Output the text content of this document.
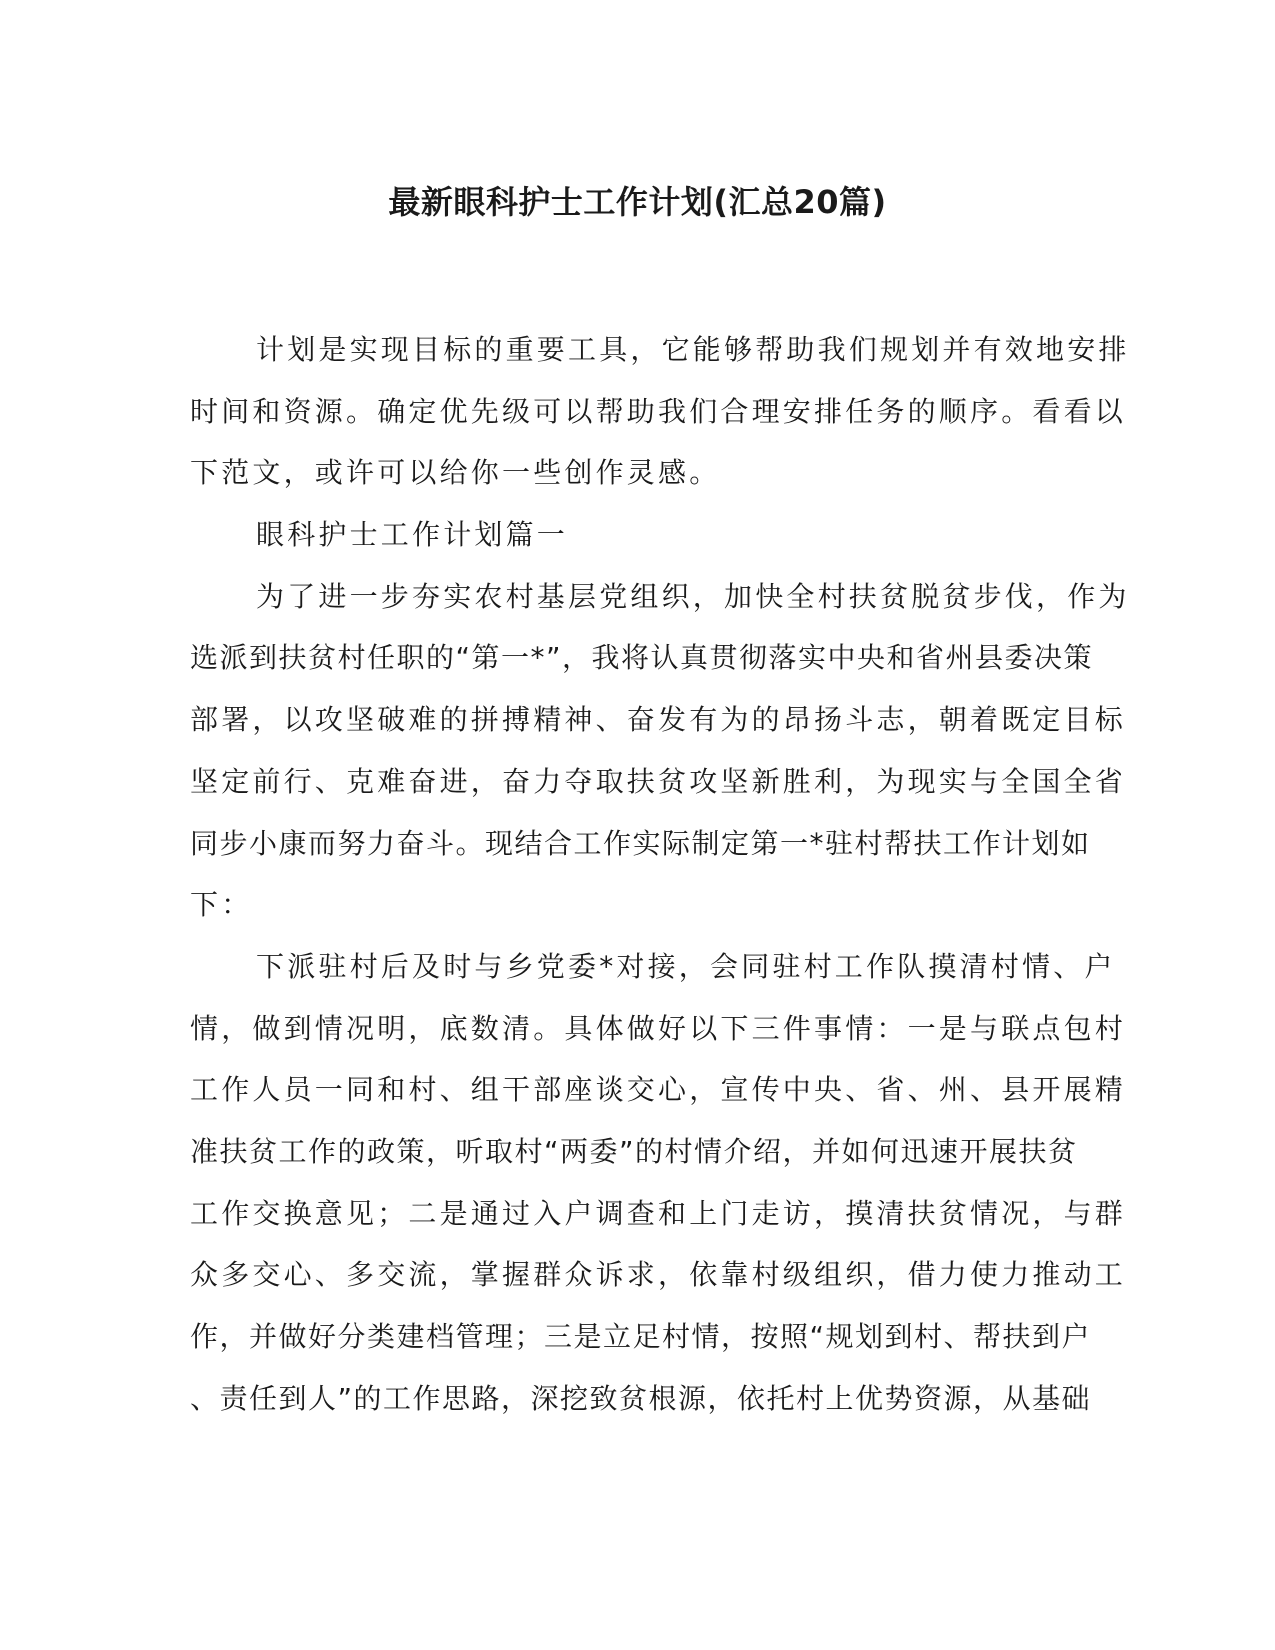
最新眼科护士工作计划(汇总20篇)
计划是实现目标的重要工具，它能够帮助我们规划并有效地安排
时间和资源。确定优先级可以帮助我们合理安排任务的顺序。看看以
下范文，或许可以给你一些创作灵感。
眼科护士工作计划篇一
为了进一步夯实农村基层党组织，加快全村扶贫脱贫步伐，作为
选派到扶贫村任职的“第一*”，我将认真贯彻落实中央和省州县委决策
部署，以攻坚破难的拼搏精神、奋发有为的昂扬斗志，朝着既定目标
坚定前行、克难奋进，奋力夺取扶贫攻坚新胜利，为现实与全国全省
同步小康而努力奋斗。现结合工作实际制定第一*驻村帮扶工作计划如
下：
下派驻村后及时与乡党委*对接，会同驻村工作队摸清村情、户
情，做到情况明，底数清。具体做好以下三件事情：一是与联点包村
工作人员一同和村、组干部座谈交心，宣传中央、省、州、县开展精
准扶贫工作的政策，听取村“两委”的村情介绍，并如何迅速开展扶贫
工作交换意见；二是通过入户调查和上门走访，摸清扶贫情况，与群
众多交心、多交流，掌握群众诉求，依靠村级组织，借力使力推动工
作，并做好分类建档管理；三是立足村情，按照“规划到村、帮扶到户
、责任到人”的工作思路，深挖致贫根源，依托村上优势资源，从基础
